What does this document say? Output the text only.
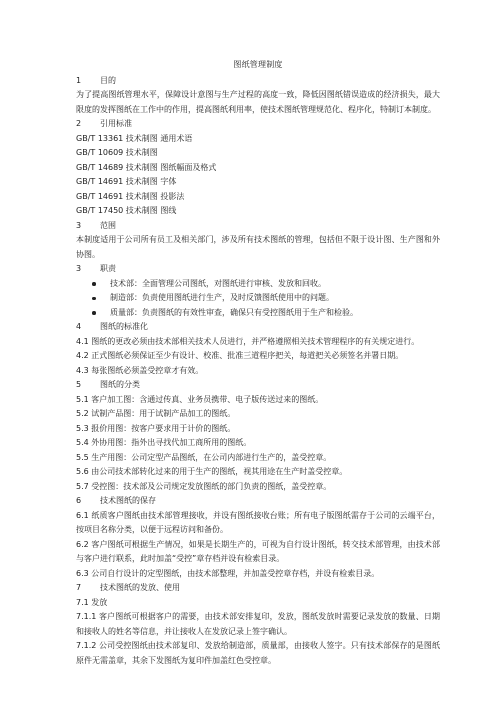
图纸管理制度
1	目的
为了提高图纸管理水平，保障设计意图与生产过程的高度一致，降低因图纸错误造成的经济损失，最大限度的发挥图纸在工作中的作用，提高图纸利用率，使技术图纸管理规范化、程序化，特制订本制度。
2	引用标准
GB/T 13361 技术制图 通用术语
GB/T 10609 技术制图
GB/T 14689 技术制图 图纸幅面及格式
GB/T 14691 技术制图 字体
GB/T 14691 技术制图 投影法
GB/T 17450 技术制图 图线
3	范围
本制度适用于公司所有员工及相关部门，涉及所有技术图纸的管理，包括但不限于设计图、生产图和外协图。
3	职责
技术部：全面管理公司图纸，对图纸进行审核、发放和回收。
制造部：负责使用图纸进行生产，及时反馈图纸使用中的问题。
质量部：负责图纸的有效性审查，确保只有受控图纸用于生产和检验。
4	图纸的标准化
4.1 图纸的更改必须由技术部相关技术人员进行，并严格遵照相关技术管理程序的有关规定进行。
4.2 正式图纸必须保证至少有设计、校准、批准三道程序把关，每道把关必须签名并署日期。
4.3 每张图纸必须盖受控章才有效。
5	图纸的分类
5.1 客户加工图：含通过传真、业务员携带、电子版传送过来的图纸。
5.2 试制产品图：用于试制产品加工的图纸。
5.3 报价用图：按客户要求用于计价的图纸。
5.4 外协用图：指外出寻找代加工商所用的图纸。
5.5 生产用图：公司定型产品图纸，在公司内部进行生产的，盖受控章。
5.6 由公司技术部转化过来的用于生产的图纸，视其用途在生产时盖受控章。
5.7 受控图：技术部及公司规定发放图纸的部门负责的图纸，盖受控章。
6	技术图纸的保存
6.1 纸质客户图纸由技术部管理接收，并设有图纸接收台账；所有电子版图纸需存于公司的云端平台，按项目名称分类，以便于远程访问和备份。
6.2 客户图纸可根据生产情况，如果是长期生产的，可视为自行设计图纸，转交技术部管理，由技术部与客户进行联系，此时加盖“受控”章存档并设有检索目录。
6.3 公司自行设计的定型图纸，由技术部整理，并加盖受控章存档，并设有检索目录。
7	技术图纸的发放、使用
7.1 发放
7.1.1 客户图纸可根据客户的需要，由技术部安排复印，发放，图纸发放时需要记录发放的数量、日期和接收人的姓名等信息，并让接收人在发放记录上签字确认。
7.1.2 公司受控图纸由技术部复印、发放给制造部，质量部，由接收人签字。只有技术部保存的是图纸原件无需盖章，其余下发图纸为复印件加盖红色受控章。
